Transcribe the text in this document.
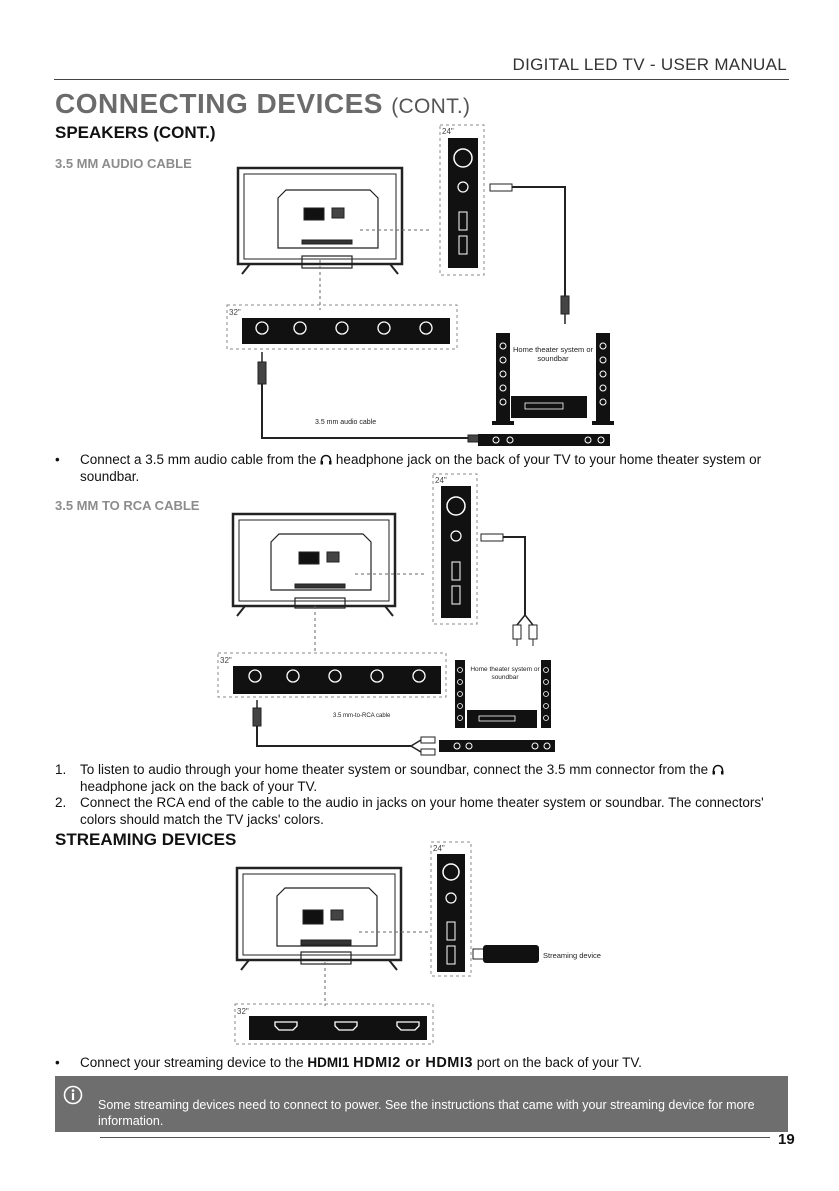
DIGITAL LED TV - USER MANUAL
CONNECTING DEVICES (CONT.)
SPEAKERS (CONT.)
3.5 MM AUDIO CABLE
24"
32"
3.5 mm audio cable
Home theater system or
soundbar
• Connect a 3.5 mm audio cable from the headphone jack on the back of your TV to your home theater system or soundbar.
3.5 MM TO RCA CABLE
24"
32"
3.5 mm-to-RCA cable
Home theater system or
soundbar
1. To listen to audio through your home theater system or soundbar, connect the 3.5 mm connector from the  headphone jack on the back of your TV.
2. Connect the RCA end of the cable to the audio in jacks on your home theater system or soundbar. The connectors' colors should match the TV jacks' colors.
STREAMING DEVICES	24"
Streaming device
32"
• Connect your streaming device to the HDMI1 HDMI2 or HDMI3 port on the back of your TV.
Some streaming devices need to connect to power. See the instructions that came with your streaming device for more information.
19
